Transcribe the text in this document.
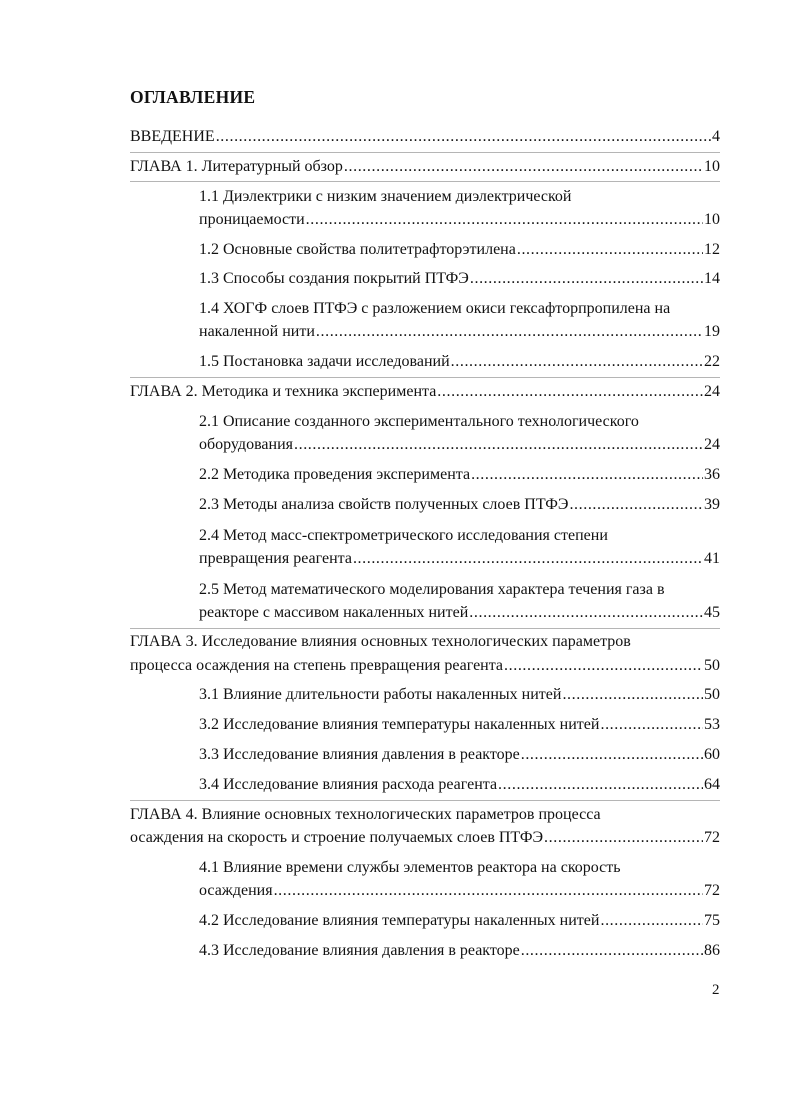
ОГЛАВЛЕНИЕ
ВВЕДЕНИЕ .....	4
ГЛАВА 1. Литературный обзор .....	10
1.1 Диэлектрики с низким значением диэлектрической
проницаемости .....	10
1.2 Основные свойства политетрафторэтилена .....	12
1.3 Способы создания покрытий ПТФЭ .....	14
1.4 ХОГФ слоев ПТФЭ с разложением окиси гексафторпропилена на
накаленной нити .....	19
1.5 Постановка задачи исследований .....	22
ГЛАВА 2. Методика и техника эксперимента .....	24
2.1 Описание созданного экспериментального технологического
оборудования .....	24
2.2 Методика проведения эксперимента .....	36
2.3 Методы анализа свойств полученных слоев ПТФЭ .....	39
2.4 Метод масс-спектрометрического исследования степени
превращения реагента .....	41
2.5 Метод математического моделирования характера течения газа в
реакторе с массивом накаленных нитей .....	45
ГЛАВА 3. Исследование влияния основных технологических параметров
процесса осаждения на степень превращения реагента .....	50
3.1 Влияние длительности работы накаленных нитей .....	50
3.2 Исследование влияния температуры накаленных нитей .....	53
3.3 Исследование влияния давления в реакторе .....	60
3.4 Исследование влияния расхода реагента .....	64
ГЛАВА 4. Влияние основных технологических параметров процесса
осаждения на скорость и строение получаемых слоев ПТФЭ .....	72
4.1 Влияние времени службы элементов реактора на скорость
осаждения .....	72
4.2 Исследование влияния температуры накаленных нитей .....	75
4.3 Исследование влияния давления в реакторе .....	86
2
